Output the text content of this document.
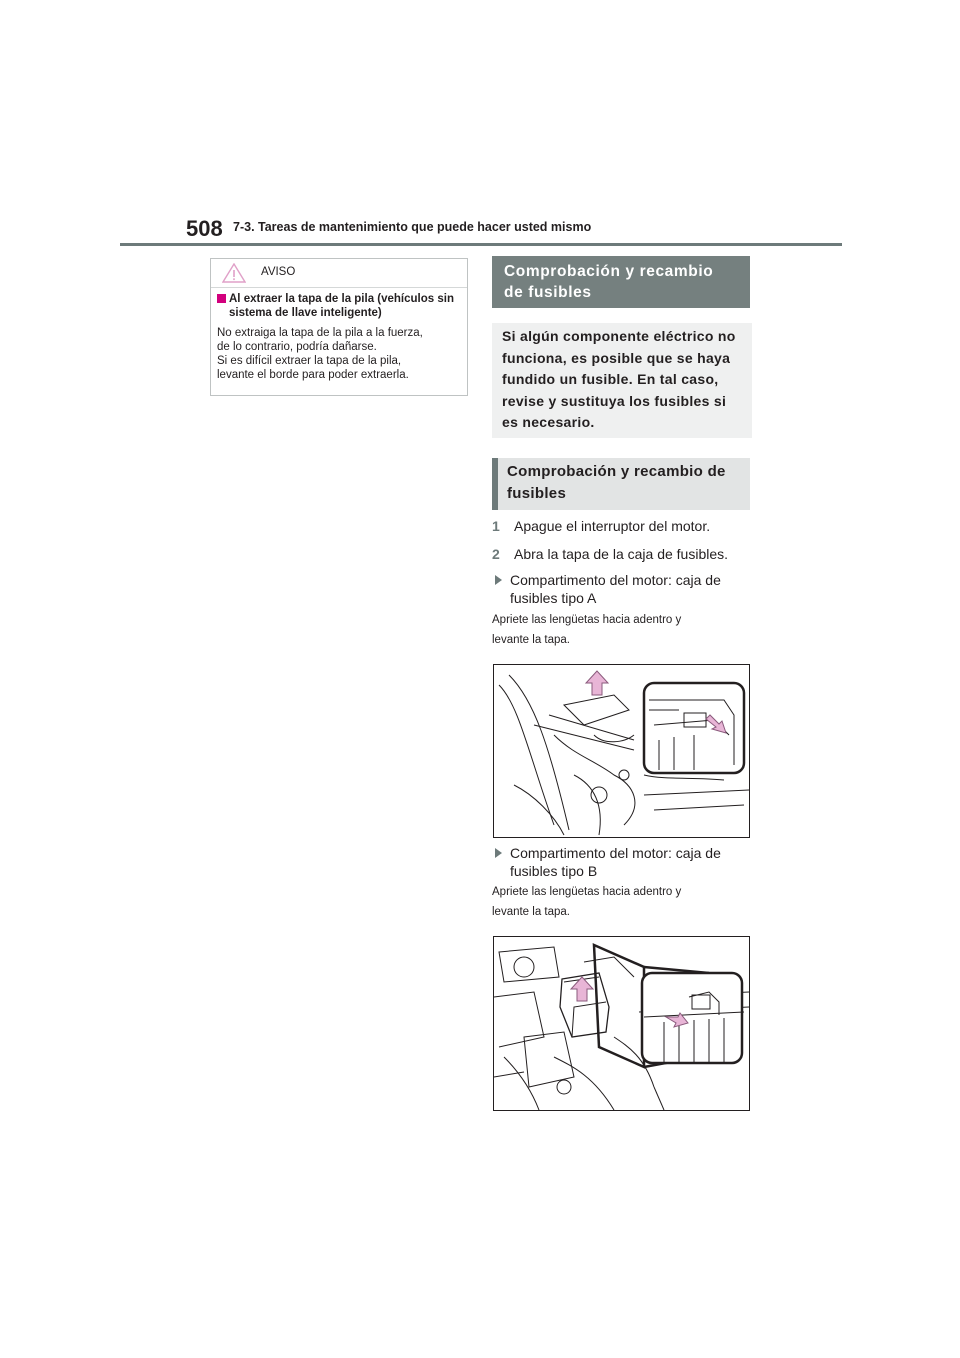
508 7-3. Tareas de mantenimiento que puede hacer usted mismo
AVISO
Al extraer la tapa de la pila (vehículos sin sistema de llave inteligente)
No extraiga la tapa de la pila a la fuerza,
de lo contrario, podría dañarse.
Si es difícil extraer la tapa de la pila,
levante el borde para poder extraerla.
Comprobación y recambio
de fusibles
Si algún componente eléctrico no
funciona, es posible que se haya
fundido un fusible. En tal caso,
revise y sustituya los fusibles si
es necesario.
Comprobación y recambio de
fusibles
1 Apague el interruptor del motor.
2 Abra la tapa de la caja de fusibles.
Compartimento del motor: caja de
fusibles tipo A
Apriete las lengüetas hacia adentro y
levante la tapa.
Compartimento del motor: caja de
fusibles tipo B
Apriete las lengüetas hacia adentro y
levante la tapa.
